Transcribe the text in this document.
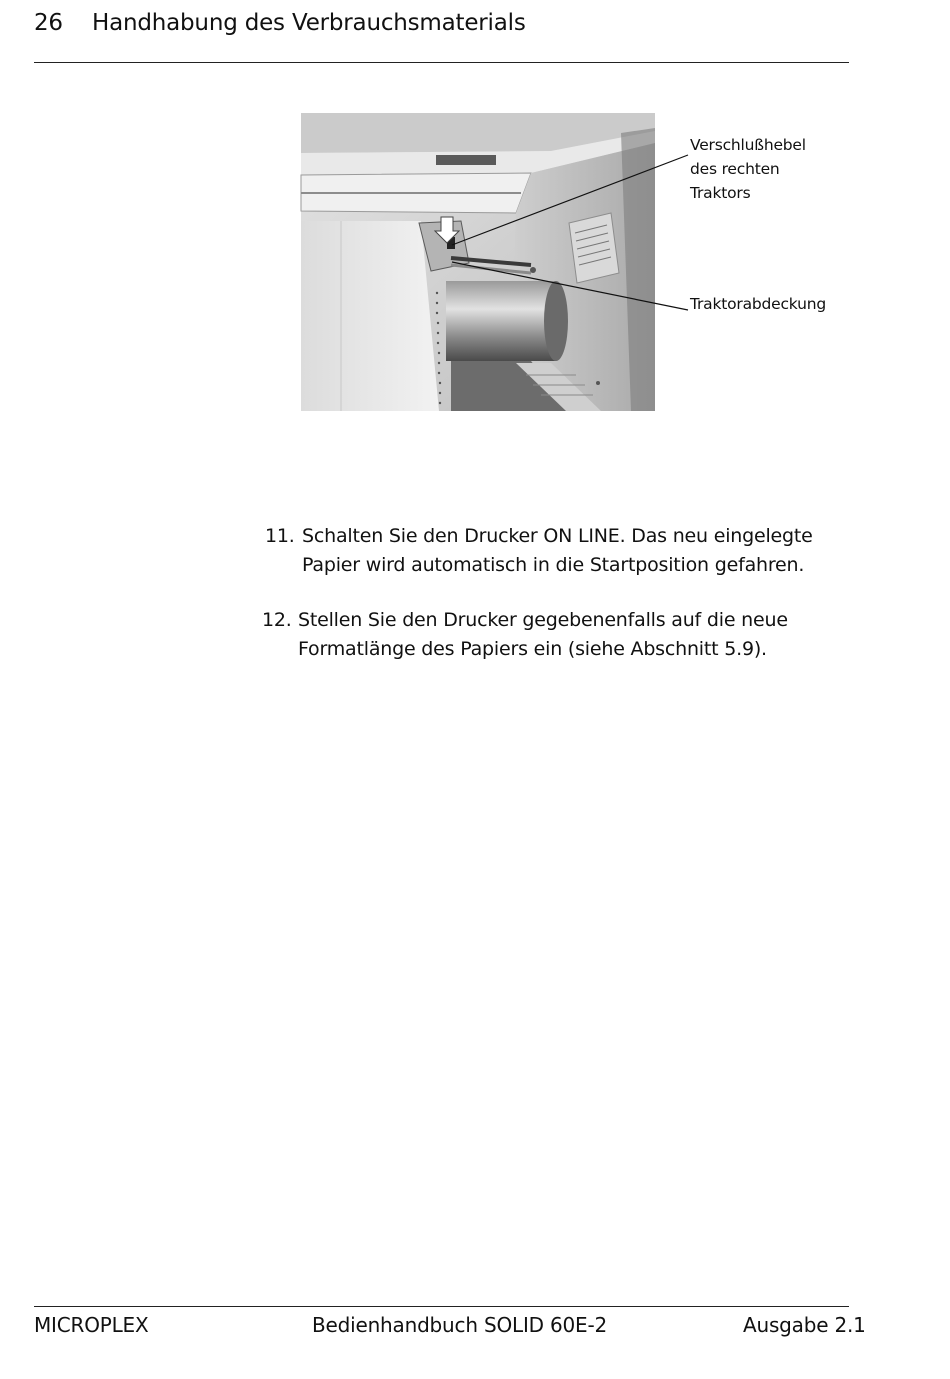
26 Handhabung des Verbrauchsmaterials
Verschlußhebel
des rechten
Traktors
Traktorabdeckung
11. Schalten Sie den Drucker ON LINE. Das neu eingelegte
Papier wird automatisch in die Startposition gefahren.
12. Stellen Sie den Drucker gegebenenfalls auf die neue
Formatlänge des Papiers ein (siehe Abschnitt 5.9).
MICROPLEX	Bedienhandbuch SOLID 60E-2	Ausgabe 2.1
